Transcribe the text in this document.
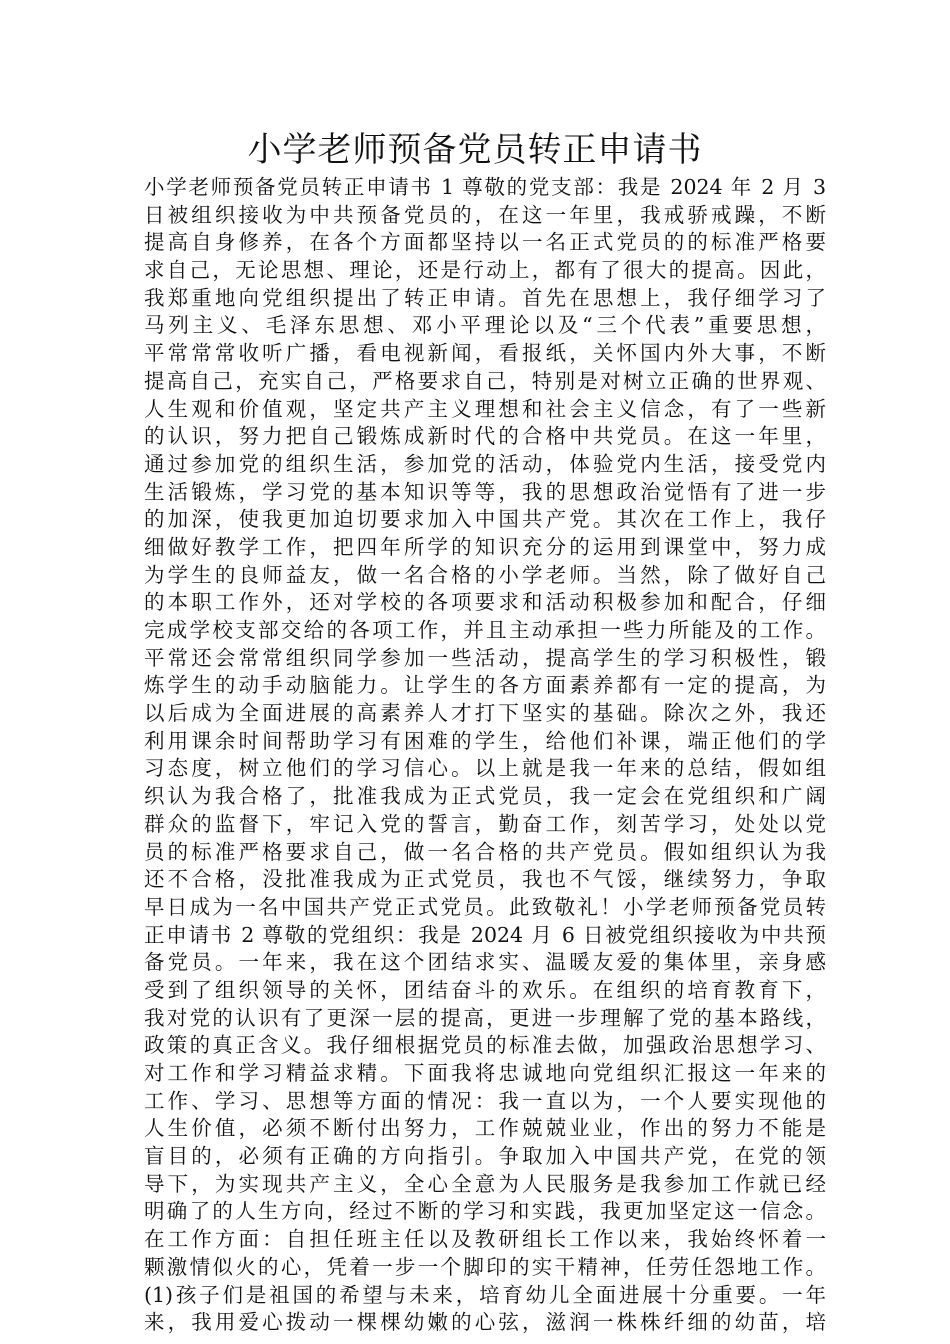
小学老师预备党员转正申请书
小学老师预备党员转正申请书 1 尊敬的党支部：我是 2024 年 2 月 3
日被组织接收为中共预备党员的，在这一年里，我戒骄戒躁，不断
提高自身修养，在各个方面都坚持以一名正式党员的的标准严格要
求自己，无论思想、理论，还是行动上，都有了很大的提高。因此，
我郑重地向党组织提出了转正申请。首先在思想上，我仔细学习了
马列主义、毛泽东思想、邓小平理论以及“三个代表”重要思想，
平常常常收听广播，看电视新闻，看报纸，关怀国内外大事，不断
提高自己，充实自己，严格要求自己，特别是对树立正确的世界观、
人生观和价值观，坚定共产主义理想和社会主义信念，有了一些新
的认识，努力把自己锻炼成新时代的合格中共党员。在这一年里，
通过参加党的组织生活，参加党的活动，体验党内生活，接受党内
生活锻炼，学习党的基本知识等等，我的思想政治觉悟有了进一步
的加深，使我更加迫切要求加入中国共产党。其次在工作上，我仔
细做好教学工作，把四年所学的知识充分的运用到课堂中，努力成
为学生的良师益友，做一名合格的小学老师。当然，除了做好自己
的本职工作外，还对学校的各项要求和活动积极参加和配合，仔细
完成学校支部交给的各项工作，并且主动承担一些力所能及的工作。
平常还会常常组织同学参加一些活动，提高学生的学习积极性，锻
炼学生的动手动脑能力。让学生的各方面素养都有一定的提高，为
以后成为全面进展的高素养人才打下坚实的基础。除次之外，我还
利用课余时间帮助学习有困难的学生，给他们补课，端正他们的学
习态度，树立他们的学习信心。以上就是我一年来的总结，假如组
织认为我合格了，批准我成为正式党员，我一定会在党组织和广阔
群众的监督下，牢记入党的誓言，勤奋工作，刻苦学习，处处以党
员的标准严格要求自己，做一名合格的共产党员。假如组织认为我
还不合格，没批准我成为正式党员，我也不气馁，继续努力，争取
早日成为一名中国共产党正式党员。此致敬礼！小学老师预备党员转
正申请书 2 尊敬的党组织：我是 2024 月 6 日被党组织接收为中共预
备党员。一年来，我在这个团结求实、温暖友爱的集体里，亲身感
受到了组织领导的关怀，团结奋斗的欢乐。在组织的培育教育下，
我对党的认识有了更深一层的提高，更进一步理解了党的基本路线，
政策的真正含义。我仔细根据党员的标准去做，加强政治思想学习、
对工作和学习精益求精。下面我将忠诚地向党组织汇报这一年来的
工作、学习、思想等方面的情况：我一直以为，一个人要实现他的
人生价值，必须不断付出努力，工作兢兢业业，作出的努力不能是
盲目的，必须有正确的方向指引。争取加入中国共产党，在党的领
导下，为实现共产主义，全心全意为人民服务是我参加工作就已经
明确了的人生方向，经过不断的学习和实践，我更加坚定这一信念。
在工作方面：自担任班主任以及教研组长工作以来，我始终怀着一
颗激情似火的心，凭着一步一个脚印的实干精神，任劳任怨地工作。
(1)孩子们是祖国的希望与未来，培育幼儿全面进展十分重要。一年
来，我用爱心拨动一棵棵幼嫩的心弦，滋润一株株纤细的幼苗，培
